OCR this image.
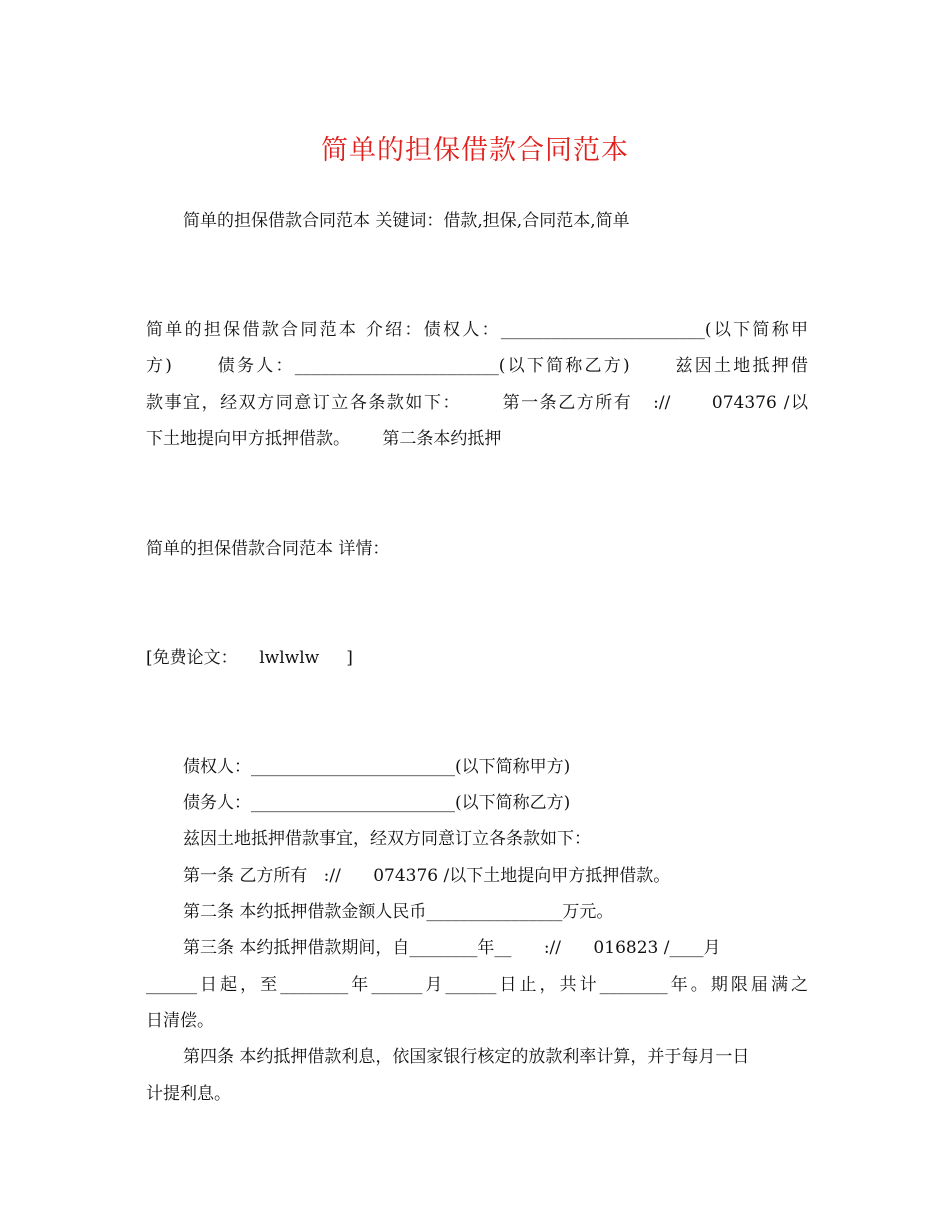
简单的担保借款合同范本
简单的担保借款合同范本 关键词：借款,担保,合同范本,简单
简单的担保借款合同范本 介绍：债权人：________________________(以下简称甲
方)      债务人：________________________(以下简称乙方)      兹因土地抵押借
款事宜，经双方同意订立各条款如下：      第一条乙方所有   ://      074376 /以
下土地提向甲方抵押借款。      第二条本约抵押
简单的担保借款合同范本 详情：
[免费论文：    lwlwlw     ]
债权人：________________________(以下简称甲方)
债务人：________________________(以下简称乙方)
兹因土地抵押借款事宜，经双方同意订立各条款如下：
第一条 乙方所有   ://      074376 /以下土地提向甲方抵押借款。
第二条 本约抵押借款金额人民币________________万元。
第三条 本约抵押借款期间，自________年__      ://      016823 /____月
______日起，至________年______月______日止，共计________年。期限届满之
日清偿。
第四条 本约抵押借款利息，依国家银行核定的放款利率计算，并于每月一日
计提利息。
